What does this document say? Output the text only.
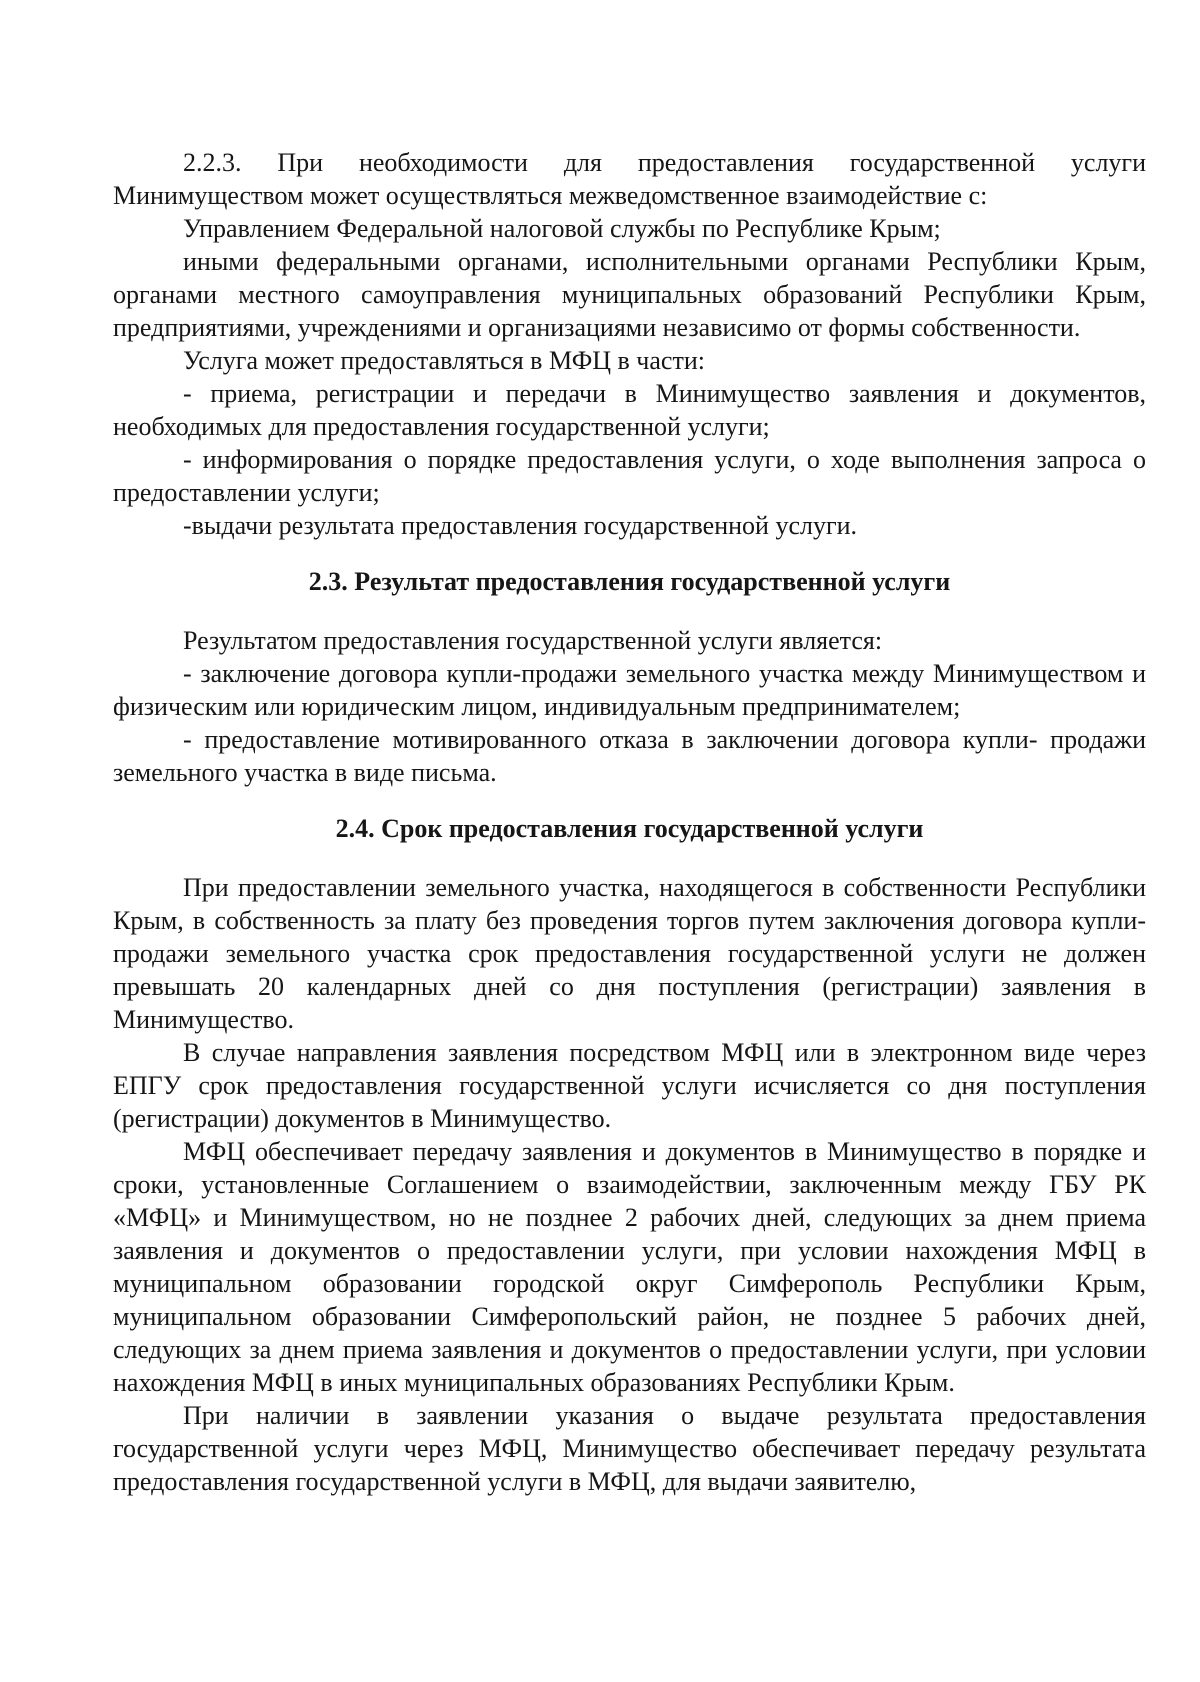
2.2.3. При необходимости для предоставления государственной услуги Минимуществом может осуществляться межведомственное взаимодействие с:

Управлением Федеральной налоговой службы по Республике Крым;

иными федеральными органами, исполнительными органами Республики Крым, органами местного самоуправления муниципальных образований Республики Крым, предприятиями, учреждениями и организациями независимо от формы собственности.

Услуга может предоставляться в МФЦ в части:

- приема, регистрации и передачи в Минимущество заявления и документов, необходимых для предоставления государственной услуги;

- информирования о порядке предоставления услуги, о ходе выполнения запроса о предоставлении услуги;

-выдачи результата предоставления государственной услуги.

2.3. Результат предоставления государственной услуги

Результатом предоставления государственной услуги является:

- заключение договора купли-продажи земельного участка между Минимуществом и физическим или юридическим лицом, индивидуальным предпринимателем;

- предоставление мотивированного отказа в заключении договора купли- продажи земельного участка в виде письма.

2.4. Срок предоставления государственной услуги

При предоставлении земельного участка, находящегося в собственности Республики Крым, в собственность за плату без проведения торгов путем заключения договора купли-продажи земельного участка срок предоставления государственной услуги не должен превышать 20 календарных дней со дня поступления (регистрации) заявления в Минимущество.

В случае направления заявления посредством МФЦ или в электронном виде через ЕПГУ срок предоставления государственной услуги исчисляется со дня поступления (регистрации) документов в Минимущество.

МФЦ обеспечивает передачу заявления и документов в Минимущество в порядке и сроки, установленные Соглашением о взаимодействии, заключенным между ГБУ РК «МФЦ» и Минимуществом, но не позднее 2 рабочих дней, следующих за днем приема заявления и документов о предоставлении услуги, при условии нахождения МФЦ в муниципальном образовании городской округ Симферополь Республики Крым, муниципальном образовании Симферопольский район, не позднее 5 рабочих дней, следующих за днем приема заявления и документов о предоставлении услуги, при условии нахождения МФЦ в иных муниципальных образованиях Республики Крым.

При наличии в заявлении указания о выдаче результата предоставления государственной услуги через МФЦ, Минимущество обеспечивает передачу результата предоставления государственной услуги в МФЦ, для выдачи заявителю,
